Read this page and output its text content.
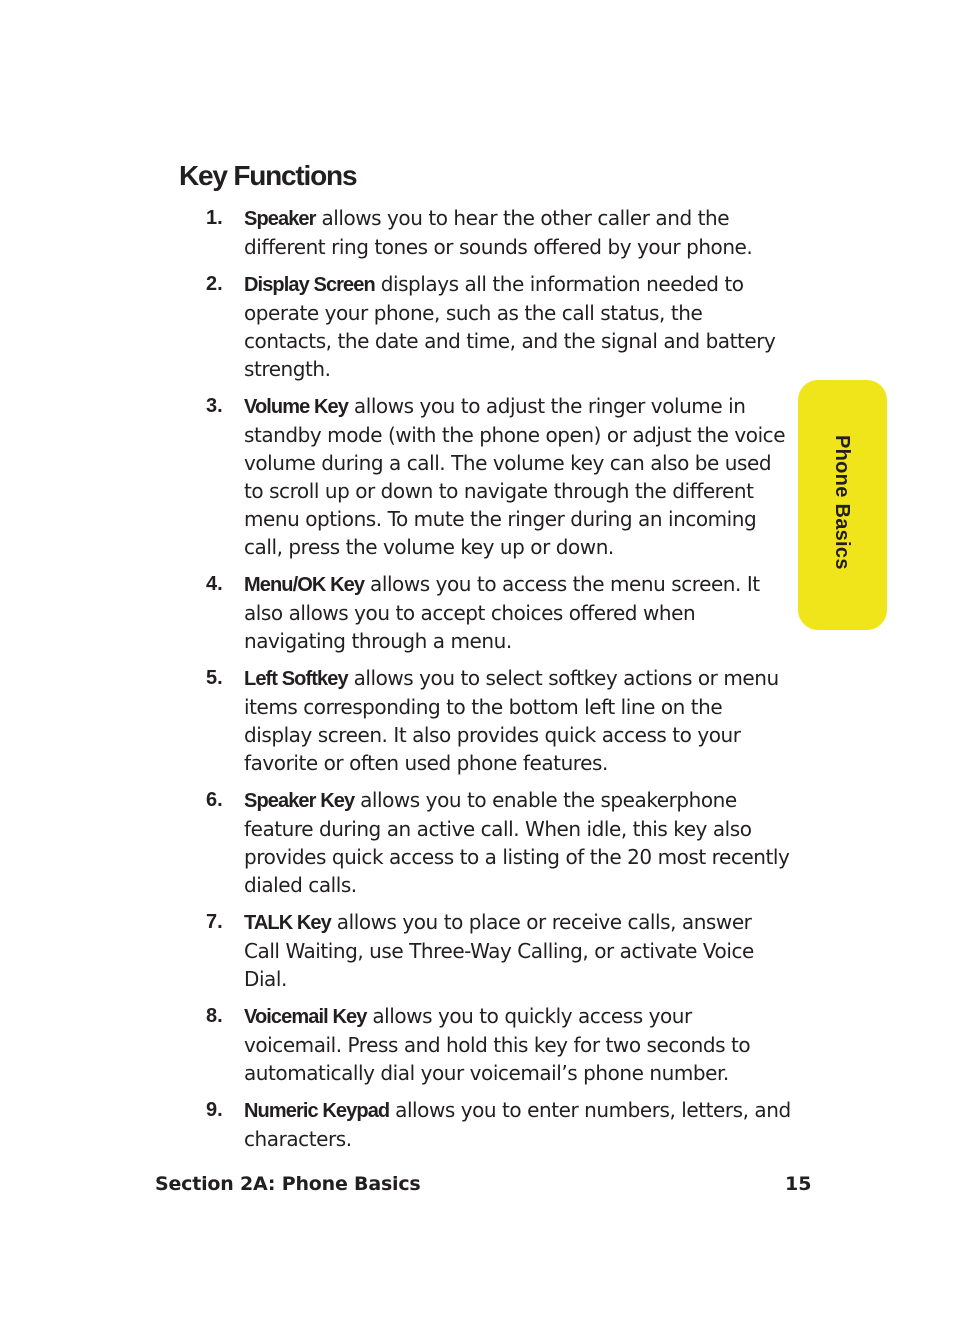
Key Functions
1.	Speaker allows you to hear the other caller and the different ring tones or sounds offered by your phone.
2.	Display Screen displays all the information needed to operate your phone, such as the call status, the contacts, the date and time, and the signal and battery strength.
3.	Volume Key allows you to adjust the ringer volume in standby mode (with the phone open) or adjust the voice volume during a call. The volume key can also be used to scroll up or down to navigate through the different menu options. To mute the ringer during an incoming call, press the volume key up or down.
4.	Menu/OK Key allows you to access the menu screen. It also allows you to accept choices offered when navigating through a menu.
5.	Left Softkey allows you to select softkey actions or menu items corresponding to the bottom left line on the display screen. It also provides quick access to your favorite or often used phone features.
6.	Speaker Key allows you to enable the speakerphone feature during an active call. When idle, this key also provides quick access to a listing of the 20 most recently dialed calls.
7.	TALK Key allows you to place or receive calls, answer Call Waiting, use Three-Way Calling, or activate Voice Dial.
8.	Voicemail Key allows you to quickly access your voicemail. Press and hold this key for two seconds to automatically dial your voicemail’s phone number.
9.	Numeric Keypad allows you to enter numbers, letters, and characters.
Phone Basics
Section 2A: Phone Basics	15
